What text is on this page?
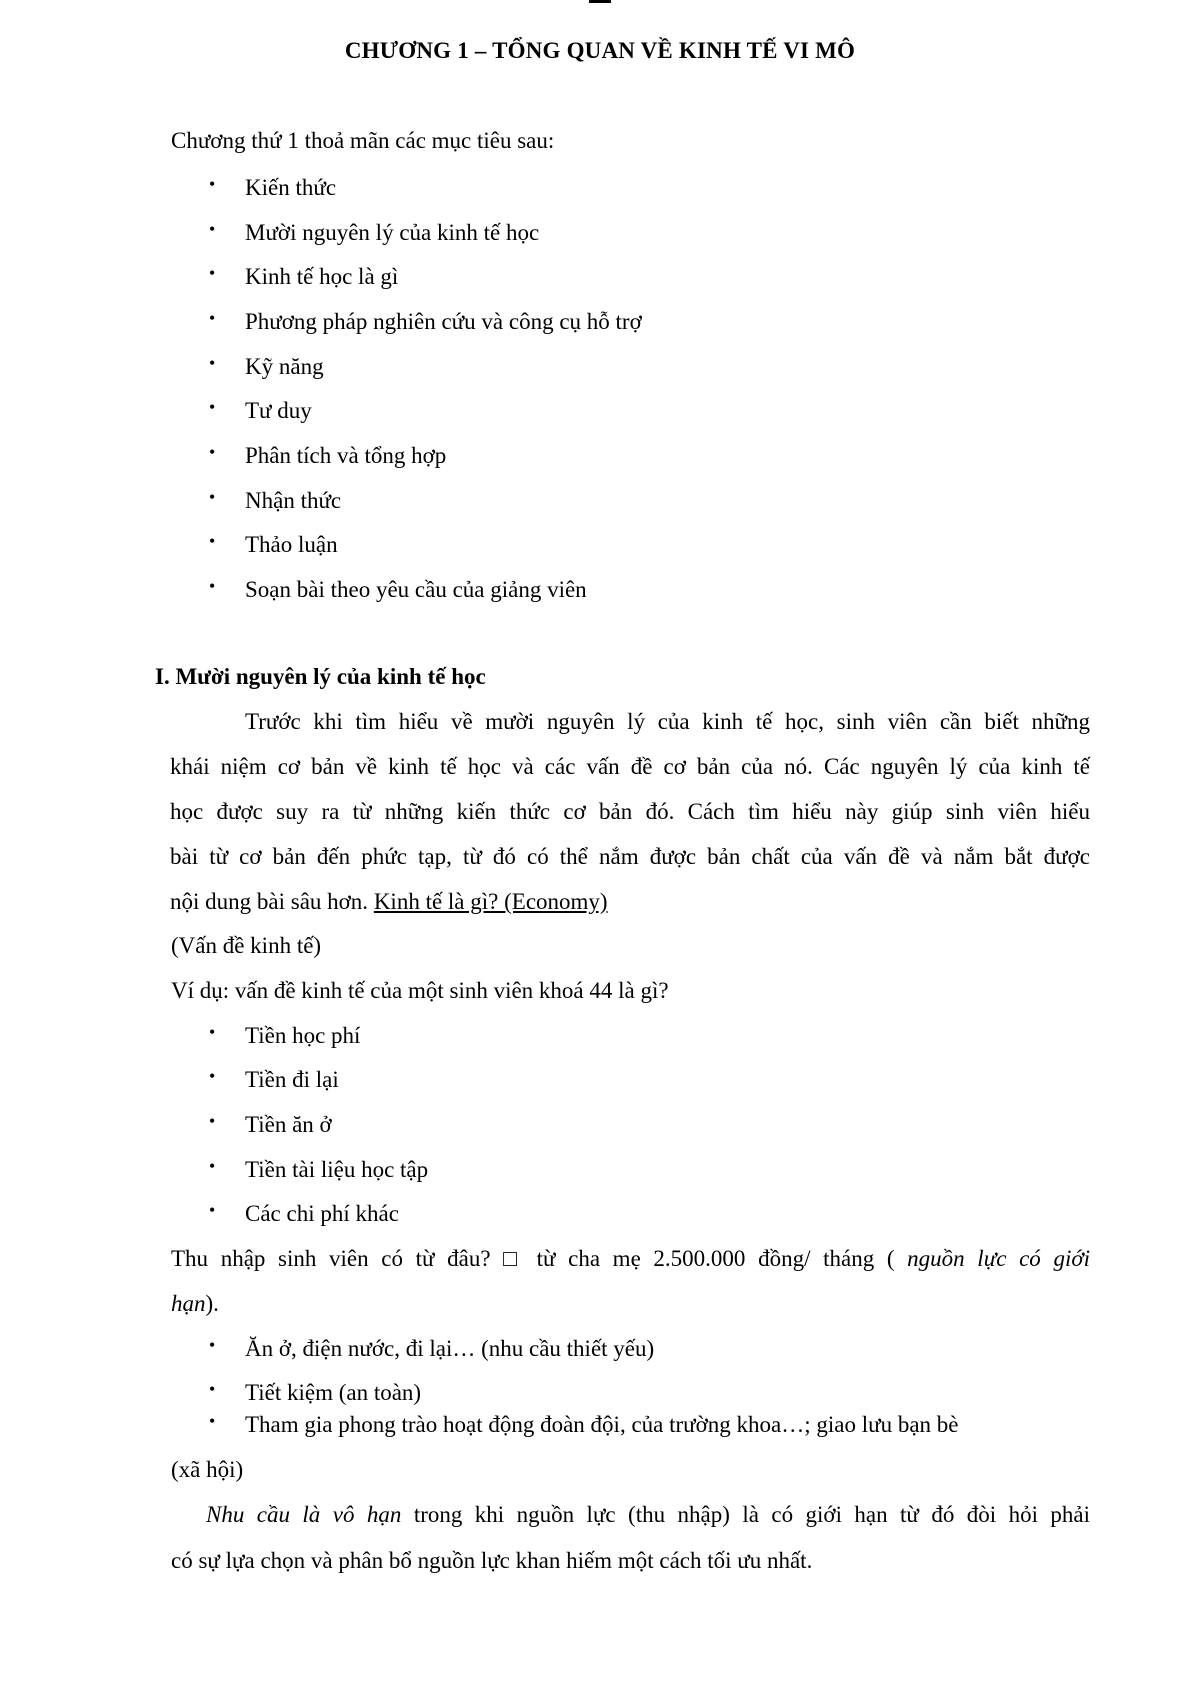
CHƯƠNG 1 – TỔNG QUAN VỀ KINH TẾ VI MÔ
Chương thứ 1 thoả mãn các mục tiêu sau:
• Kiến thức
• Mười nguyên lý của kinh tế học
• Kinh tế học là gì
• Phương pháp nghiên cứu và công cụ hỗ trợ
• Kỹ năng
• Tư duy
• Phân tích và tổng hợp
• Nhận thức
• Thảo luận
• Soạn bài theo yêu cầu của giảng viên
I. Mười nguyên lý của kinh tế học
Trước khi tìm hiểu về mười nguyên lý của kinh tế học, sinh viên cần biết những
khái niệm cơ bản về kinh tế học và các vấn đề cơ bản của nó. Các nguyên lý của kinh tế
học được suy ra từ những kiến thức cơ bản đó. Cách tìm hiểu này giúp sinh viên hiểu
bài từ cơ bản đến phức tạp, từ đó có thể nắm được bản chất của vấn đề và nắm bắt được
nội dung bài sâu hơn. Kinh tế là gì? (Economy)
(Vấn đề kinh tế)
Ví dụ: vấn đề kinh tế của một sinh viên khoá 44 là gì?
• Tiền học phí
• Tiền đi lại
• Tiền ăn ở
• Tiền tài liệu học tập
• Các chi phí khác
Thu nhập sinh viên có từ đâu? □ từ cha mẹ 2.500.000 đồng/ tháng ( nguồn lực có giới
hạn).
• Ăn ở, điện nước, đi lại… (nhu cầu thiết yếu)
• Tiết kiệm (an toàn)
• Tham gia phong trào hoạt động đoàn đội, của trường khoa…; giao lưu bạn bè
(xã hội)
Nhu cầu là vô hạn trong khi nguồn lực (thu nhập) là có giới hạn từ đó đòi hỏi phải
có sự lựa chọn và phân bổ nguồn lực khan hiếm một cách tối ưu nhất.
